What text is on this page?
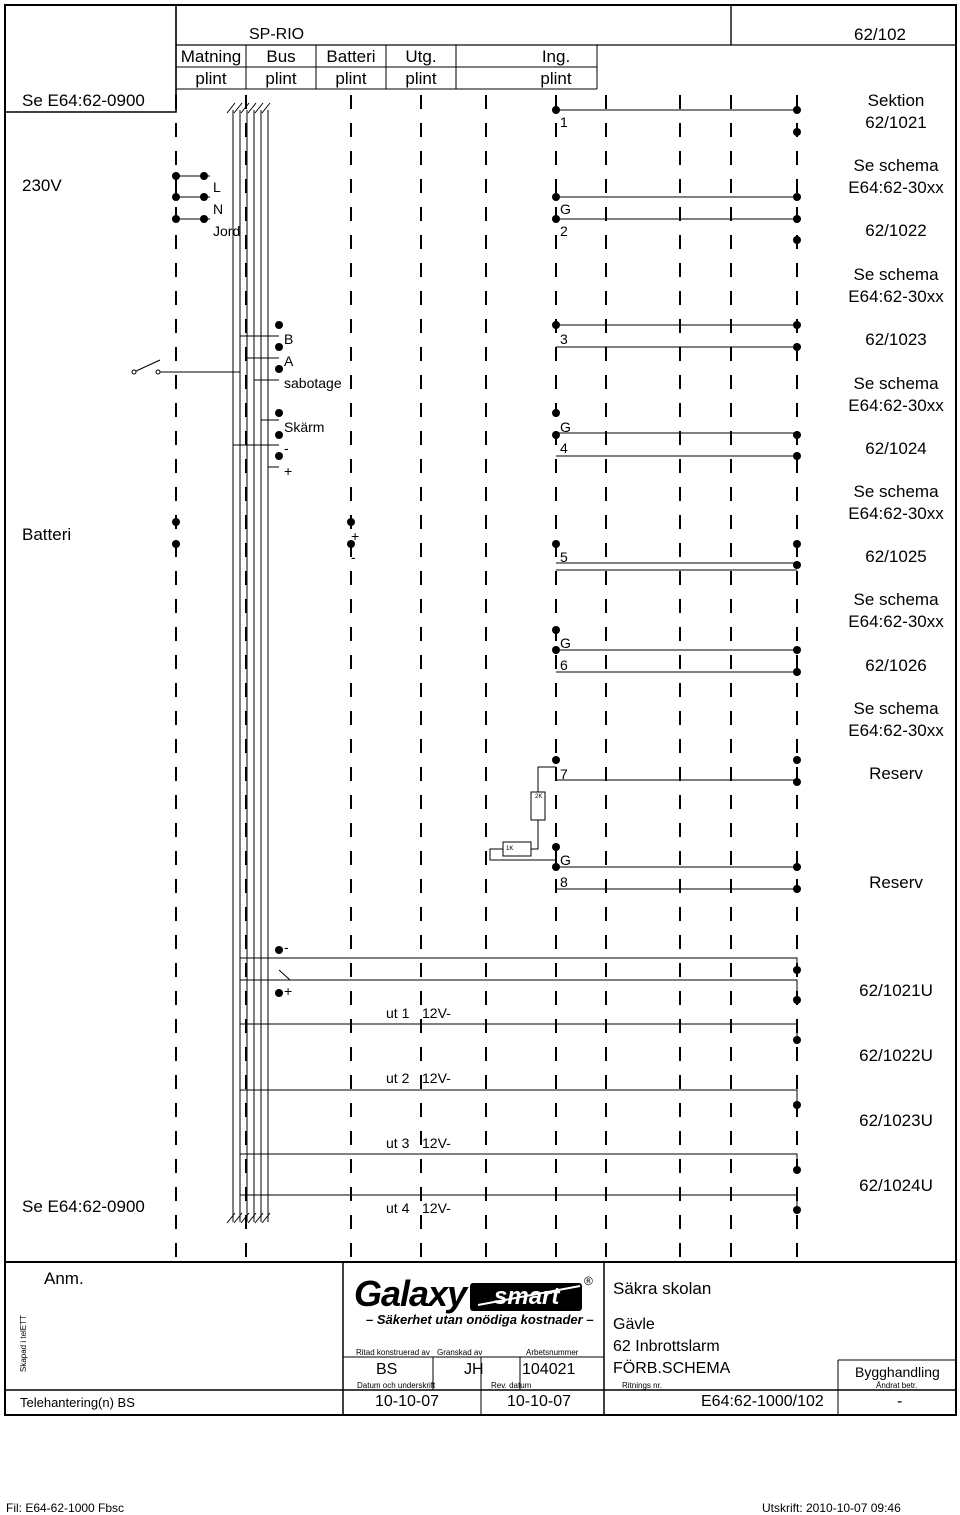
Se E64:62-0900
230V
Batteri
Se E64:62-0900
SP-RIO	62/102
Matning Bus Batteri Utg.	Ing.
plint plint plint plint	plint
L
N
Jord
B
A
sabotage
Skärm
-
+
+
-
-
+
1
G
2
3
G
4
5
G
6
7
G
8
2K
1K
ut 1 12V-
ut 2 12V-
ut 3 12V-
ut 4 12V-
Sektion
62/1021
Se schema
E64:62-30xx
62/1022
Se schema
E64:62-30xx
62/1023
Se schema
E64:62-30xx
62/1024
Se schema
E64:62-30xx
62/1025
Se schema
E64:62-30xx
62/1026
Se schema
E64:62-30xx
Reserv
Reserv
62/1021U
62/1022U
62/1023U
62/1024U
Anm.
Skapad i telETT
Telehantering(n) BS
Galaxy smart
®
– Säkerhet utan onödiga kostnader –
Ritad konstruerad av Granskad av	Arbetsnummer
BS	JH 104021
Datum och underskrift	Rev. datum
10-10-07	10-10-07
Säkra skolan
Gävle
62 Inbrottslarm
FÖRB.SCHEMA
Ritnings nr.
E64:62-1000/102
Bygghandling
Ändrat betr.
-
Fil: E64-62-1000 Fbsc	Utskrift: 2010-10-07 09:46
